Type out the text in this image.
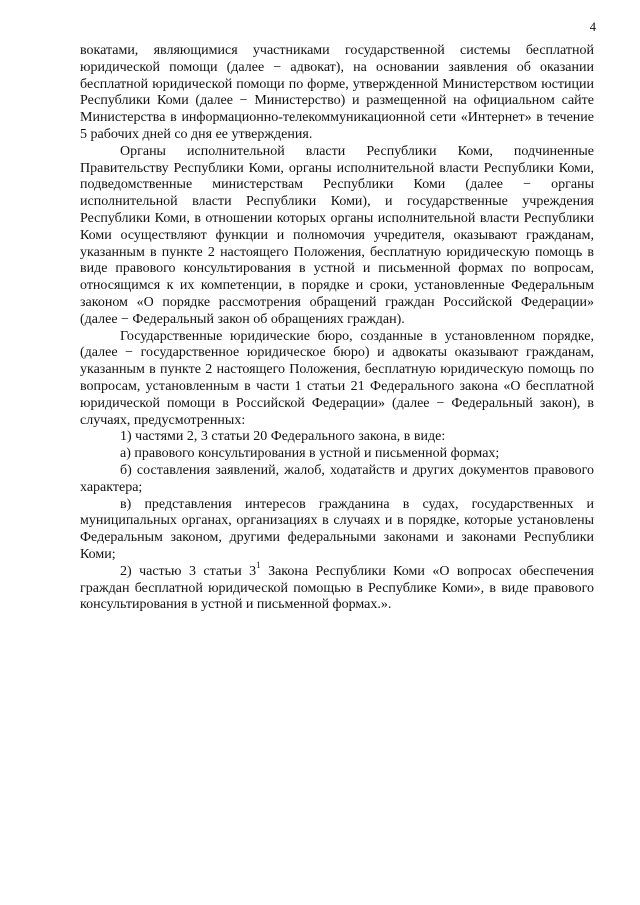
4

вокатами, являющимися участниками государственной системы бесплатной юридической помощи (далее − адвокат), на основании заявления об оказании бесплатной юридической помощи по форме, утвержденной Министерством юстиции Республики Коми (далее − Министерство) и размещенной на официальном сайте Министерства в информационно-телекоммуникационной сети «Интернет» в течение 5 рабочих дней со дня ее утверждения.

Органы исполнительной власти Республики Коми, подчиненные Правительству Республики Коми, органы исполнительной власти Республики Коми, подведомственные министерствам Республики Коми (далее − органы исполнительной власти Республики Коми), и государственные учреждения Республики Коми, в отношении которых органы исполнительной власти Республики Коми осуществляют функции и полномочия учредителя, оказывают гражданам, указанным в пункте 2 настоящего Положения, бесплатную юридическую помощь в виде правового консультирования в устной и письменной формах по вопросам, относящимся к их компетенции, в порядке и сроки, установленные Федеральным законом «О порядке рассмотрения обращений граждан Российской Федерации» (далее − Федеральный закон об обращениях граждан).

Государственные юридические бюро, созданные в установленном порядке, (далее − государственное юридическое бюро) и адвокаты оказывают гражданам, указанным в пункте 2 настоящего Положения, бесплатную юридическую помощь по вопросам, установленным в части 1 статьи 21 Федерального закона «О бесплатной юридической помощи в Российской Федерации» (далее − Федеральный закон), в случаях, предусмотренных:

1) частями 2, 3 статьи 20 Федерального закона, в виде:

а) правового консультирования в устной и письменной формах;

б) составления заявлений, жалоб, ходатайств и других документов правового характера;

в) представления интересов гражданина в судах, государственных и муниципальных органах, организациях в случаях и в порядке, которые установлены Федеральным законом, другими федеральными законами и законами Республики Коми;

2) частью 3 статьи $3^1$ Закона Республики Коми «О вопросах обеспечения граждан бесплатной юридической помощью в Республике Коми», в виде правового консультирования в устной и письменной формах.».
